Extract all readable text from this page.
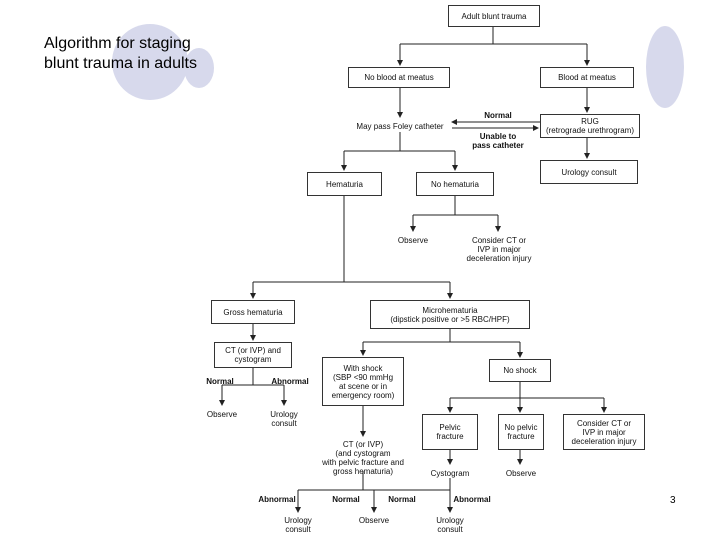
Algorithm for staging blunt trauma in adults
Adult blunt trauma
No blood at meatus	Blood at meatus
May pass Foley catheter
Normal
Unable to
pass catheter
RUG
(retrograde urethrogram)
Urology consult
Hematuria	No hematuria
Observe	Consider CT or
IVP in major
deceleration injury
Gross hematuria	Microhematuria
(dipstick positive or >5 RBC/HPF)
CT (or IVP) and
cystogram
Normal	Abnormal
Observe	Urology
consult
With shock
(SBP <90 mmHg
at scene or in
emergency room)
No shock
Pelvic
fracture
No pelvic
fracture
Consider CT or
IVP in major
deceleration injury
CT (or IVP)
(and cystogram
with pelvic fracture and
gross hematuria)	Cystogram	Observe
Abnormal	Normal	Normal	Abnormal
Urology
consult
Observe	Urology
consult
3
